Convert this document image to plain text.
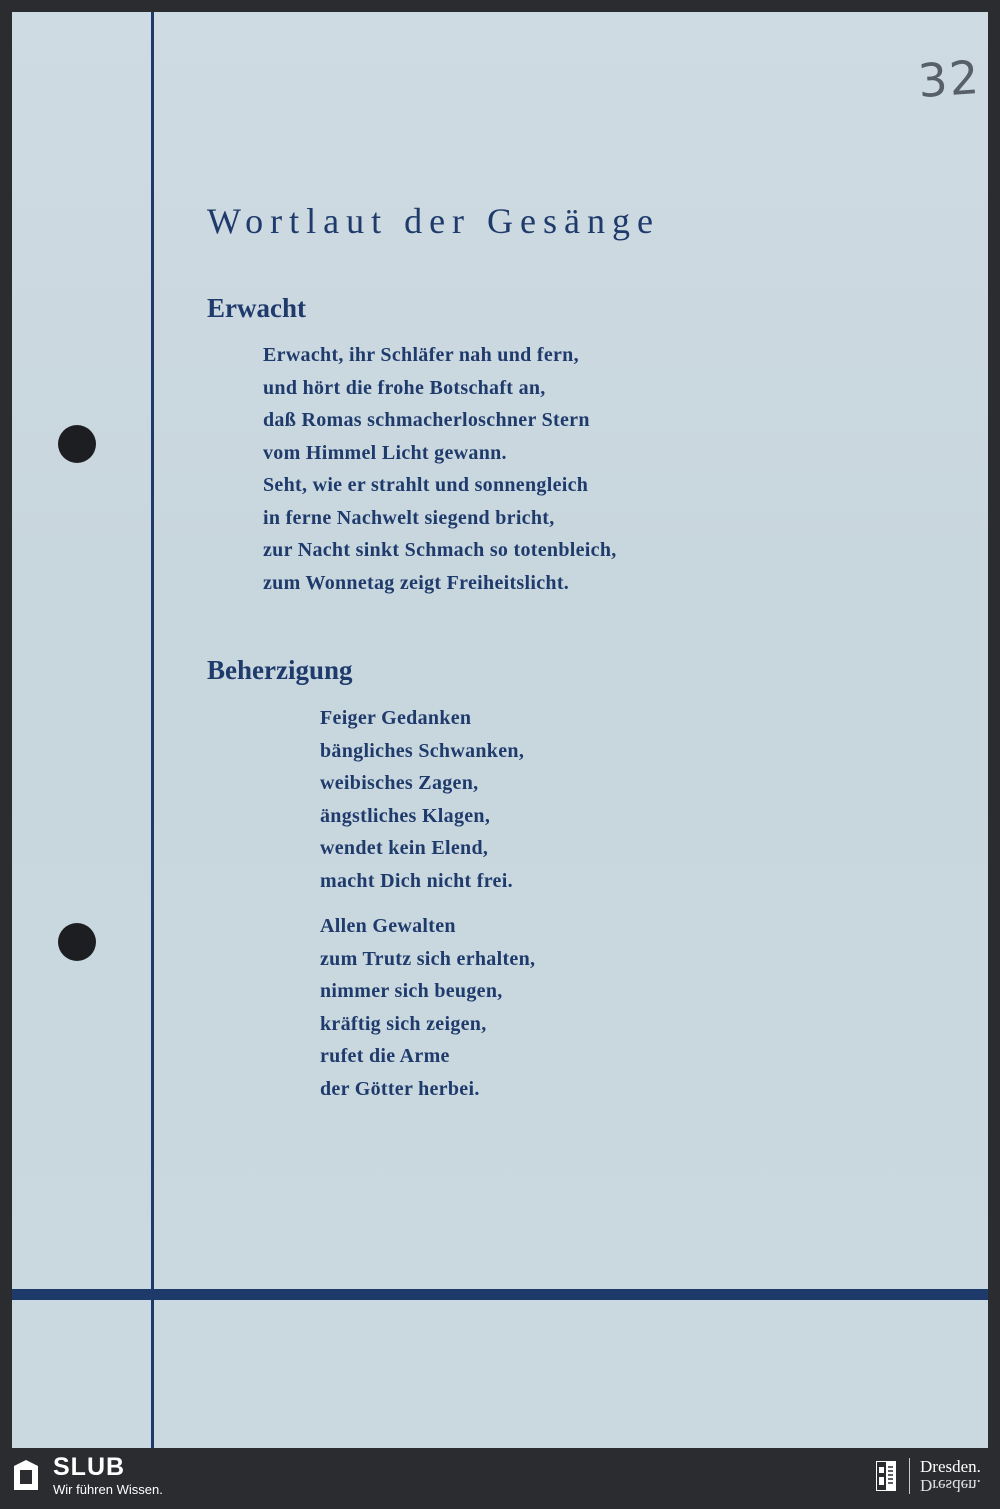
32
Wortlaut der Gesänge
Erwacht
Erwacht, ihr Schläfer nah und fern,
und hört die frohe Botschaft an,
daß Romas schmacherloschner Stern
vom Himmel Licht gewann.
Seht, wie er strahlt und sonnengleich
in ferne Nachwelt siegend bricht,
zur Nacht sinkt Schmach so totenbleich,
zum Wonnetag zeigt Freiheitslicht.
Beherzigung
Feiger Gedanken
bängliches Schwanken,
weibisches Zagen,
ängstliches Klagen,
wendet kein Elend,
macht Dich nicht frei.
Allen Gewalten
zum Trutz sich erhalten,
nimmer sich beugen,
kräftig sich zeigen,
rufet die Arme
der Götter herbei.
SLUB
Wir führen Wissen.
Dresden.
Dresden.
